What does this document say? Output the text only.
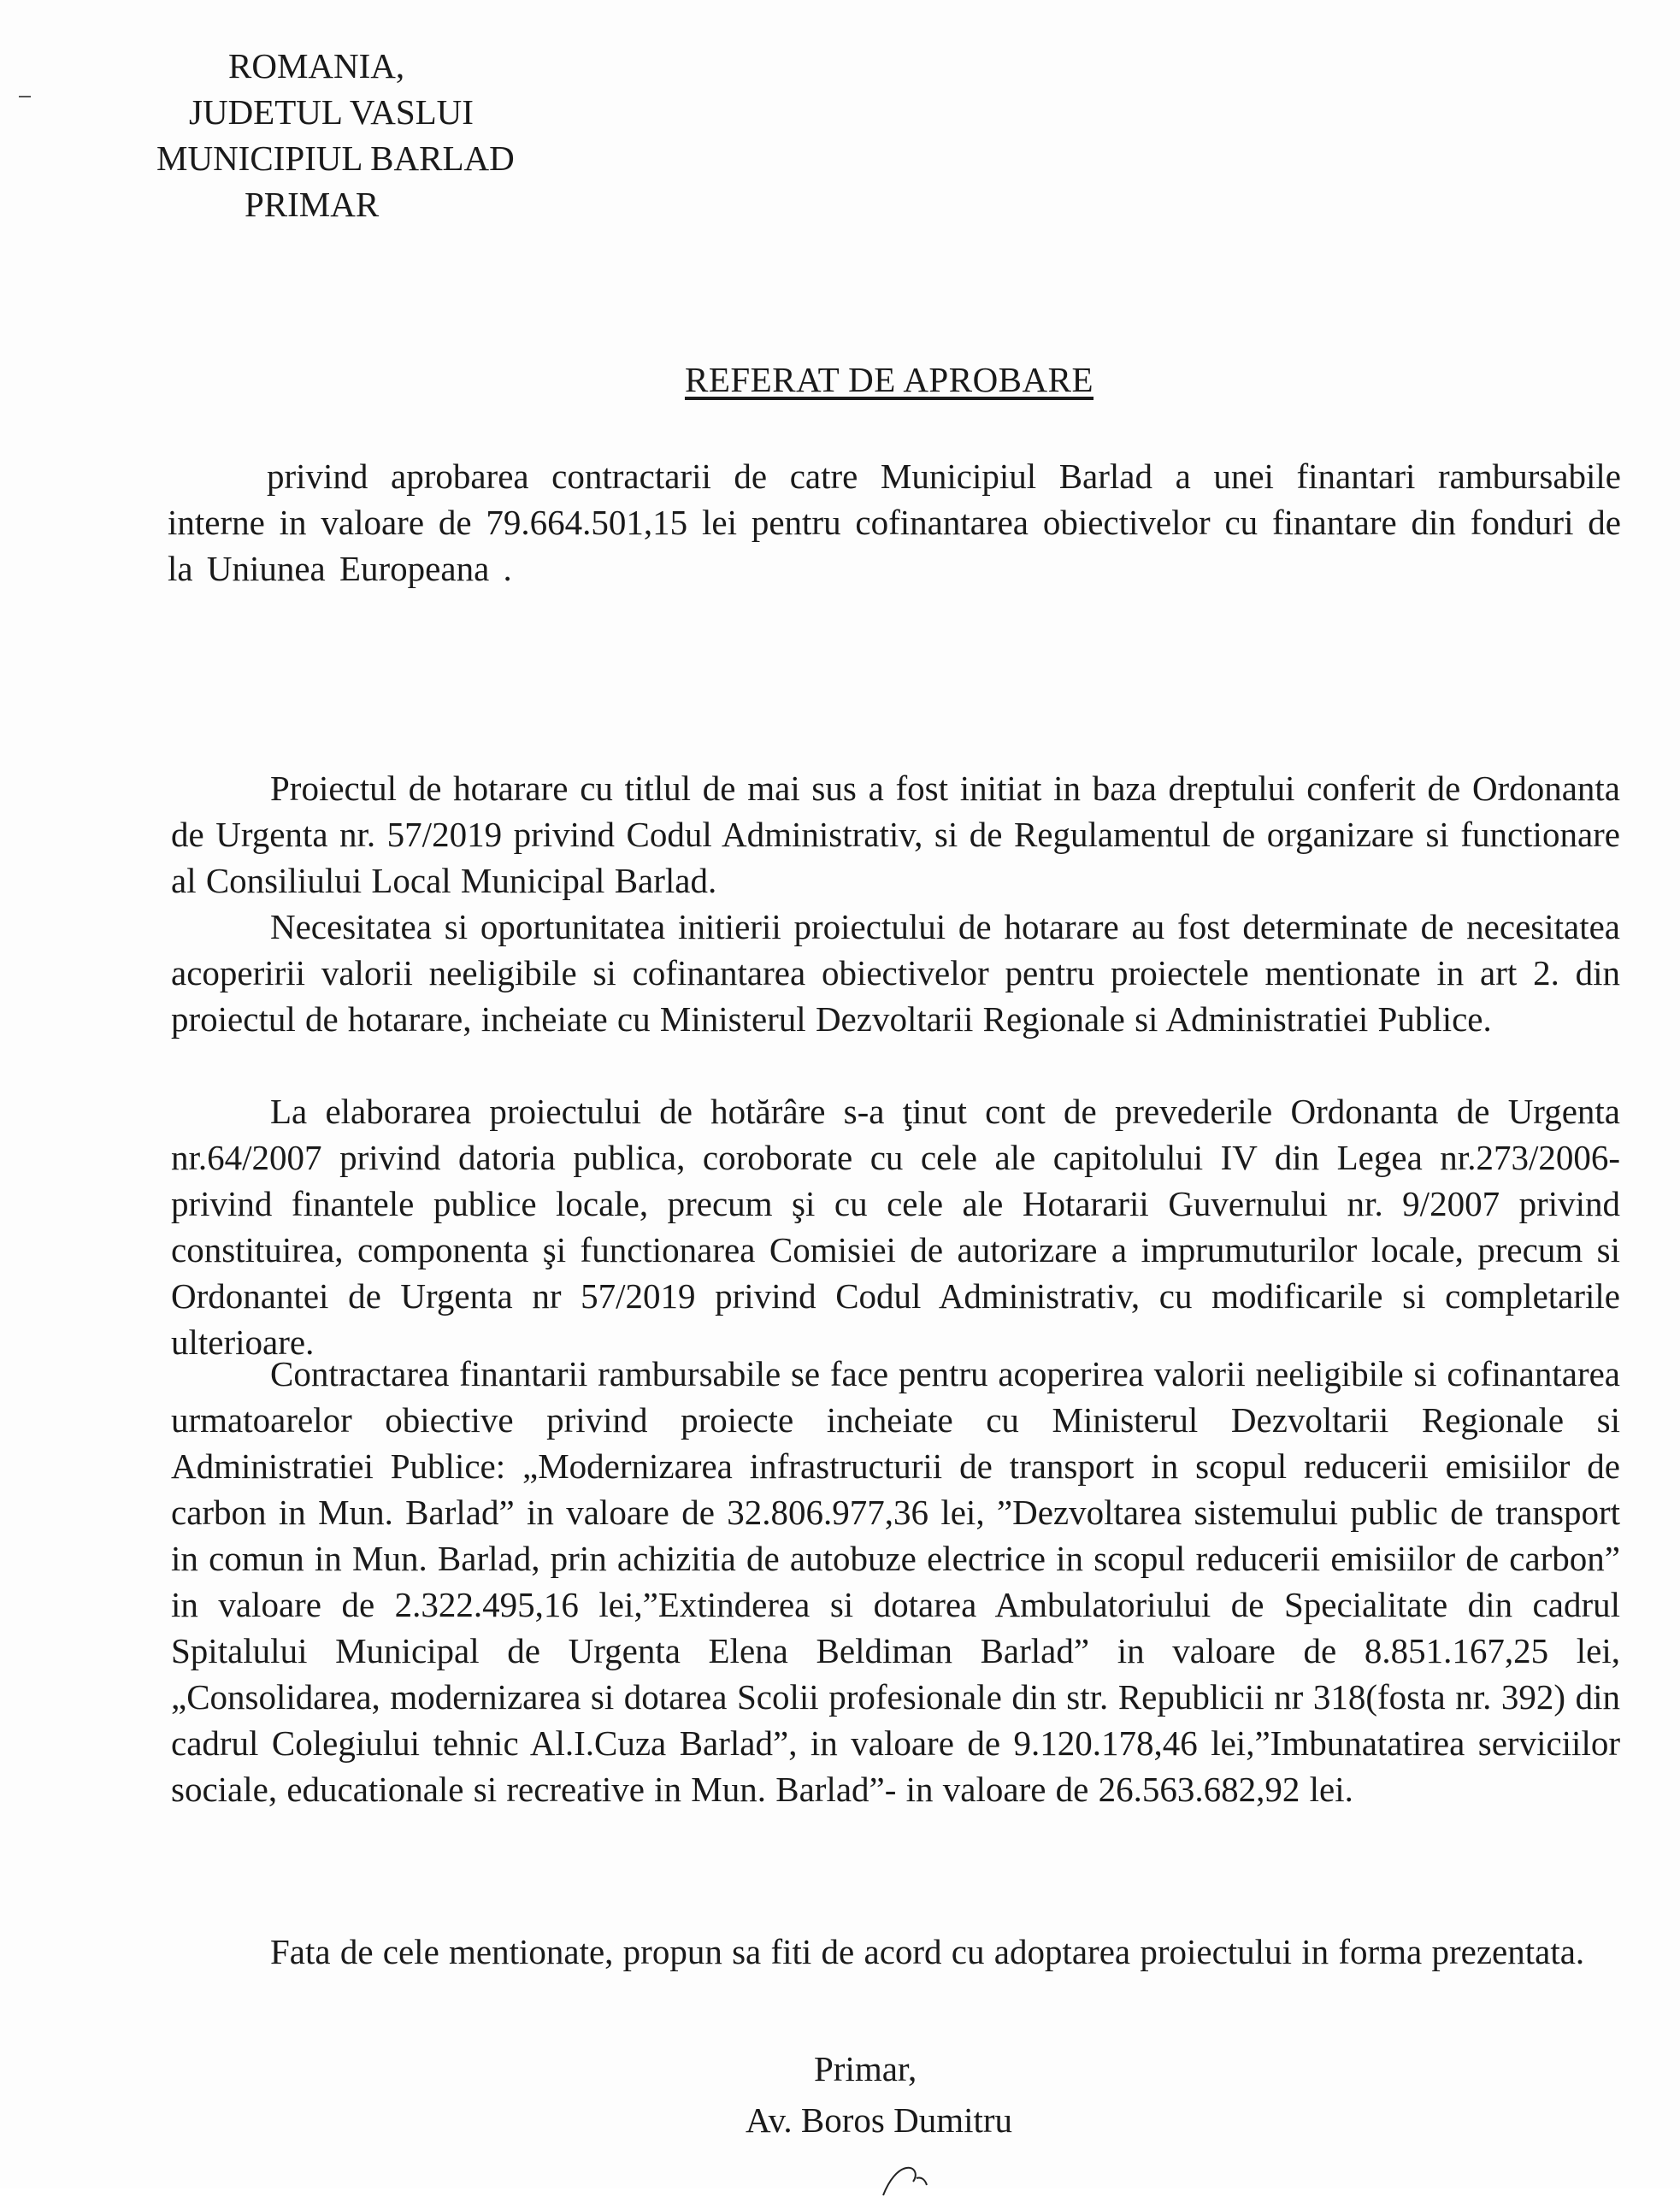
ROMANIA,
JUDETUL VASLUI
MUNICIPIUL BARLAD
PRIMAR
REFERAT DE APROBARE

privind aprobarea contractarii de catre Municipiul Barlad a unei finantari rambursabile interne in valoare de 79.664.501,15 lei pentru cofinantarea obiectivelor cu finantare din fonduri de la Uniunea Europeana .

Proiectul de hotarare cu titlul de mai sus a fost initiat in baza dreptului conferit de Ordonanta de Urgenta nr. 57/2019 privind Codul Administrativ, si de Regulamentul de organizare si functionare al Consiliului Local Municipal Barlad.

Necesitatea si oportunitatea initierii proiectului de hotarare au fost determinate de necesitatea acoperirii valorii neeligibile si cofinantarea obiectivelor pentru proiectele mentionate in art 2. din proiectul de hotarare, incheiate cu Ministerul Dezvoltarii Regionale si Administratiei Publice.

La elaborarea proiectului de hotărâre s-a ţinut cont de prevederile Ordonanta de Urgenta nr.64/2007 privind datoria publica, coroborate cu cele ale capitolului IV din Legea nr.273/2006-privind finantele publice locale, precum şi cu cele ale Hotararii Guvernului nr. 9/2007 privind constituirea, componenta şi functionarea Comisiei de autorizare a imprumuturilor locale, precum si Ordonantei de Urgenta nr 57/2019 privind Codul Administrativ, cu modificarile si completarile ulterioare.

Contractarea finantarii rambursabile se face pentru acoperirea valorii neeligibile si cofinantarea urmatoarelor obiective privind proiecte incheiate cu Ministerul Dezvoltarii Regionale si Administratiei Publice: „Modernizarea infrastructurii de transport in scopul reducerii emisiilor de carbon in Mun. Barlad” in valoare de 32.806.977,36 lei, ”Dezvoltarea sistemului public de transport in comun in Mun. Barlad, prin achizitia de autobuze electrice in scopul reducerii emisiilor de carbon” in valoare de 2.322.495,16 lei,”Extinderea si dotarea Ambulatoriului de Specialitate din cadrul Spitalului Municipal de Urgenta Elena Beldiman Barlad” in valoare de 8.851.167,25 lei, „Consolidarea, modernizarea si dotarea Scolii profesionale din str. Republicii nr 318(fosta nr. 392) din cadrul Colegiului tehnic Al.I.Cuza Barlad”, in valoare de 9.120.178,46 lei,”Imbunatatirea serviciilor sociale, educationale si recreative in Mun. Barlad”- in valoare de 26.563.682,92 lei.

Fata de cele mentionate, propun sa fiti de acord cu adoptarea proiectului in forma prezentata.

Primar,
Av. Boros Dumitru
